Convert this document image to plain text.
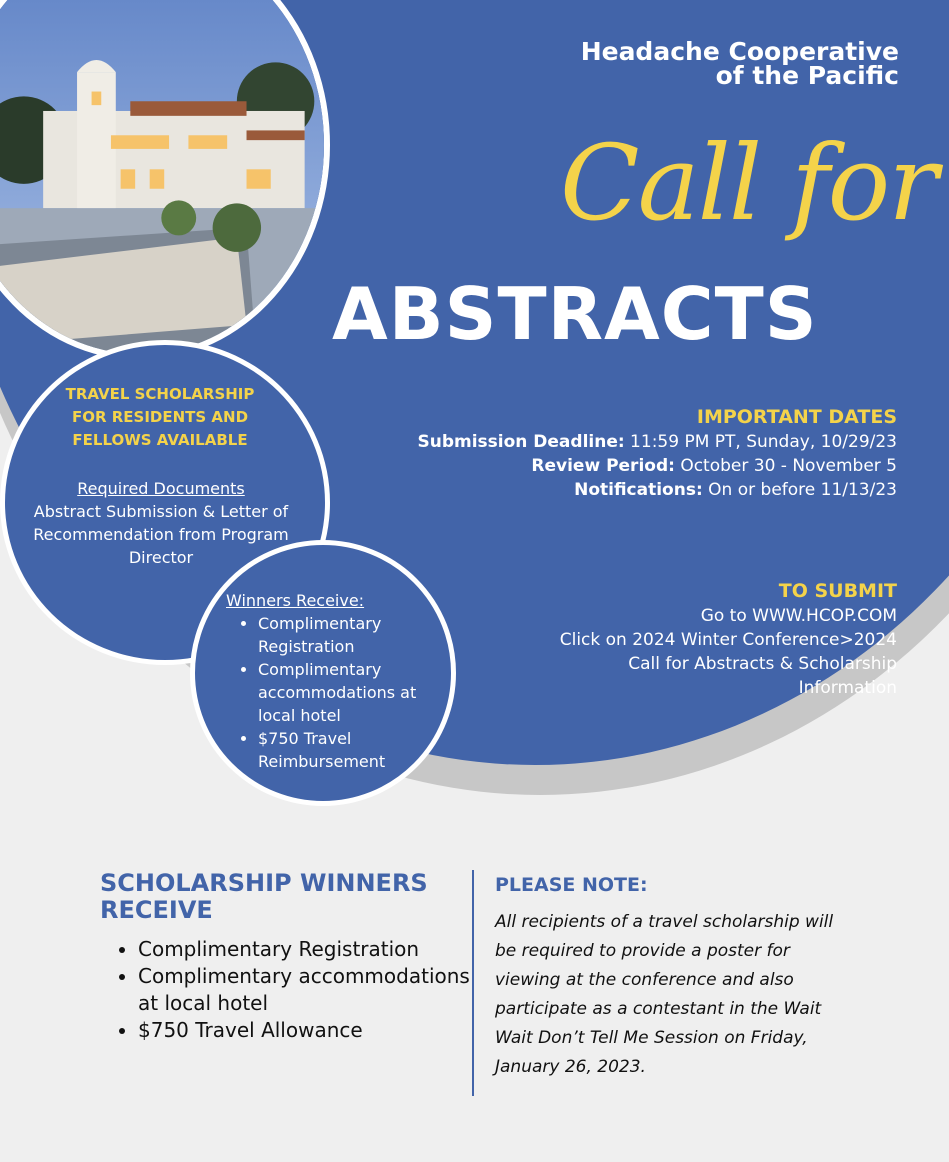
Headache Cooperative
of the Pacific
Call for
ABSTRACTS
IMPORTANT DATES
Submission Deadline: 11:59 PM PT, Sunday, 10/29/23
Review Period: October 30 - November 5
Notifications: On or before 11/13/23
TO SUBMIT
Go to WWW.HCOP.COM
Click on 2024 Winter Conference>2024
Call for Abstracts & Scholarship
Information
TRAVEL SCHOLARSHIP
FOR RESIDENTS AND
FELLOWS AVAILABLE
Required Documents
Abstract Submission & Letter of Recommendation from Program Director
Winners Receive:
• Complimentary Registration
• Complimentary accommodations at local hotel
• $750 Travel Reimbursement
SCHOLARSHIP WINNERS RECEIVE
• Complimentary Registration
• Complimentary accommodations at local hotel
• $750 Travel Allowance
PLEASE NOTE:
All recipients of a travel scholarship will be required to provide a poster for viewing at the conference and also participate as a contestant in the Wait Wait Don’t Tell Me Session on Friday, January 26, 2023.
